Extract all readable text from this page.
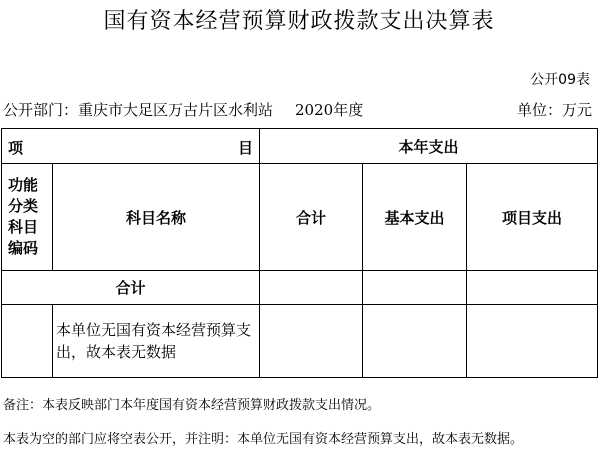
国有资本经营预算财政拨款支出决算表
公开09表
公开部门：重庆市大足区万古片区水利站 2020年度	单位：万元
项 目		本年支出		
功能分类科目编码	科目名称	合计	基本支出	项目支出
合计				
	本单位无国有资本经营预算支出，故本表无数据			
备注：本表反映部门本年度国有资本经营预算财政拨款支出情况。
本表为空的部门应将空表公开，并注明：本单位无国有资本经营预算支出，故本表无数据。
